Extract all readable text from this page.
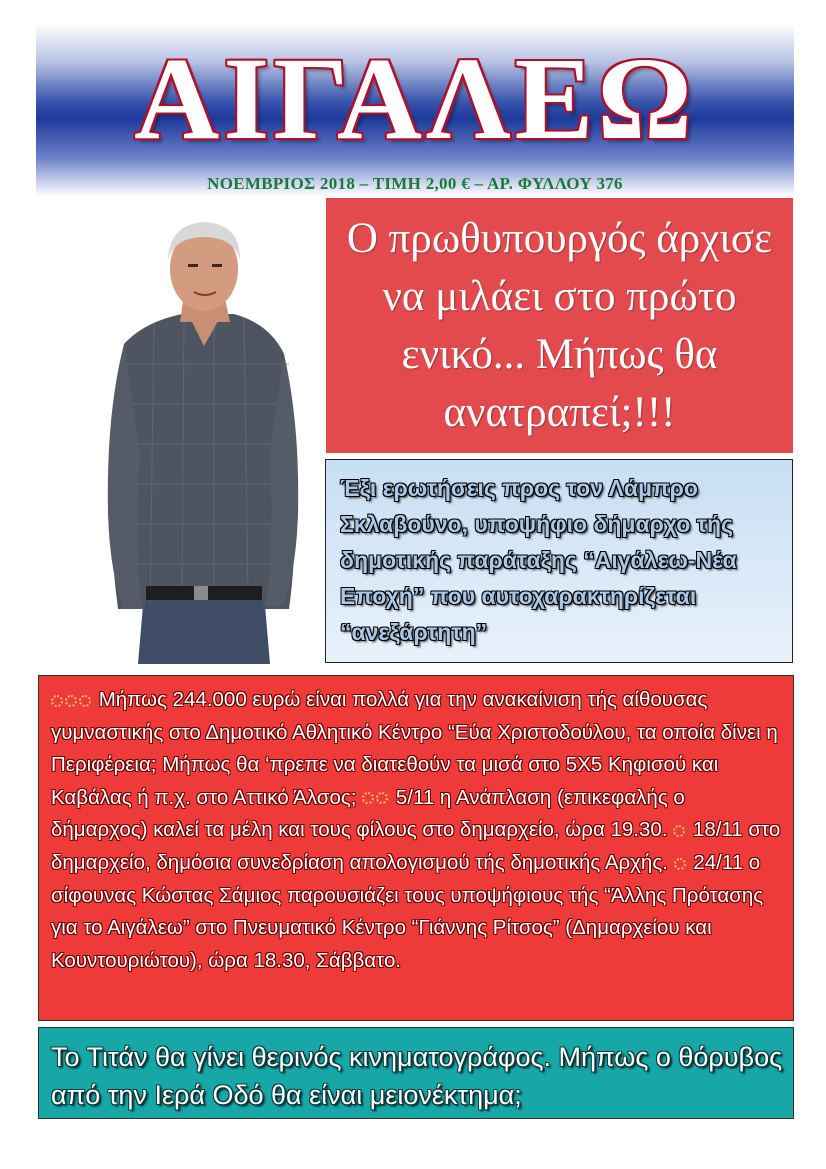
ΑΙΓΑΛΕΩ
ΝΟΕΜΒΡΙΟΣ 2018 – ΤΙΜΗ 2,00 € – ΑΡ. ΦΥΛΛΟΥ 376
Ο πρωθυπουργός άρχισε να μιλάει στο πρώτο ενικό... Μήπως θα ανατραπεί;!!!
Έξι ερωτήσεις προς τον Λάμπρο Σκλαβούνο, υποψήφιο δήμαρχο τής δημοτικής παράταξης “Αιγάλεω-Νέα Εποχή” που αυτοχαρακτηρίζεται “ανεξάρτητη”

Μήπως 244.000 ευρώ είναι πολλά για την ανακαίνιση τής αίθουσας γυμναστικής στο Δημοτικό Αθλητικό Κέντρο “Εύα Χριστοδούλου, τα οποία δίνει η Περιφέρεια; Μήπως θα ‘πρεπε να διατεθούν τα μισά στο 5Χ5 Κηφισού και Καβάλας ή π.χ. στο Αττικό Άλσος; 5/11 η Ανάπλαση (επικεφαλής ο δήμαρχος) καλεί τα μέλη και τους φίλους στο δημαρχείο, ώρα 19.30. 18/11 στο δημαρχείο, δημόσια συνεδρίαση απολογισμού τής δημοτικής Αρχής. 24/11 ο σίφουνας Κώστας Σάμιος παρουσιάζει τους υποψήφιους τής “Άλλης Πρότασης για το Αιγάλεω” στο Πνευματικό Κέντρο “Γιάννης Ρίτσος” (Δημαρχείου και Κουντουριώτου), ώρα 18.30, Σάββατο.

Το Τιτάν θα γίνει θερινός κινηματογράφος. Μήπως ο θόρυβος από την Ιερά Οδό θα είναι μειονέκτημα;
